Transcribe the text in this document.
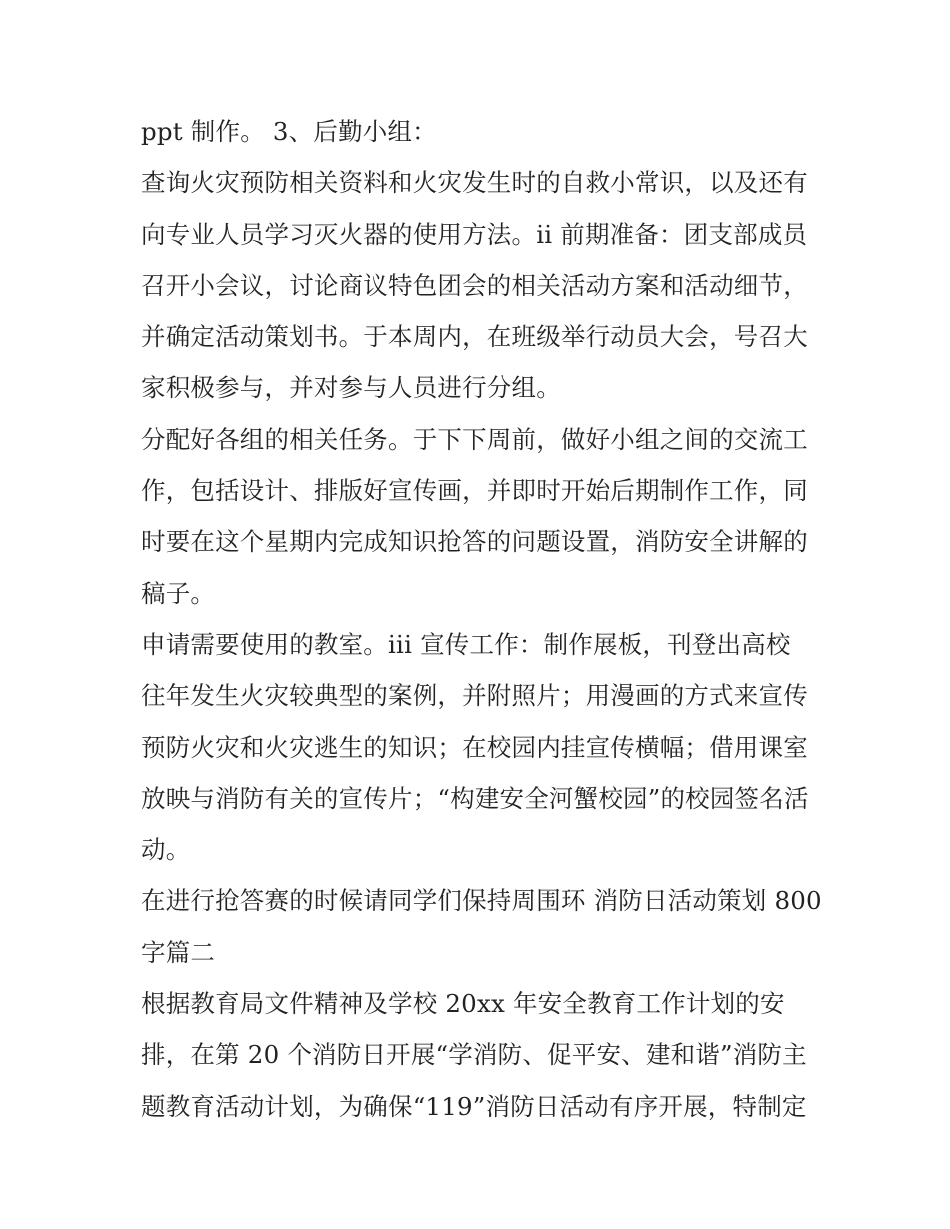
ppt 制作。 3、后勤小组：
查询火灾预防相关资料和火灾发生时的自救小常识，以及还有
向专业人员学习灭火器的使用方法。ii 前期准备：团支部成员
召开小会议，讨论商议特色团会的相关活动方案和活动细节，
并确定活动策划书。于本周内，在班级举行动员大会，号召大
家积极参与，并对参与人员进行分组。
分配好各组的相关任务。于下下周前，做好小组之间的交流工
作，包括设计、排版好宣传画，并即时开始后期制作工作，同
时要在这个星期内完成知识抢答的问题设置，消防安全讲解的
稿子。
申请需要使用的教室。iii 宣传工作：制作展板，刊登出高校
往年发生火灾较典型的案例，并附照片；用漫画的方式来宣传
预防火灾和火灾逃生的知识；在校园内挂宣传横幅；借用课室
放映与消防有关的宣传片；“构建安全河蟹校园”的校园签名活
动。
在进行抢答赛的时候请同学们保持周围环 消防日活动策划 800
字篇二
根据教育局文件精神及学校 20xx 年安全教育工作计划的安
排，在第 20 个消防日开展“学消防、促平安、建和谐”消防主
题教育活动计划，为确保“119”消防日活动有序开展，特制定
